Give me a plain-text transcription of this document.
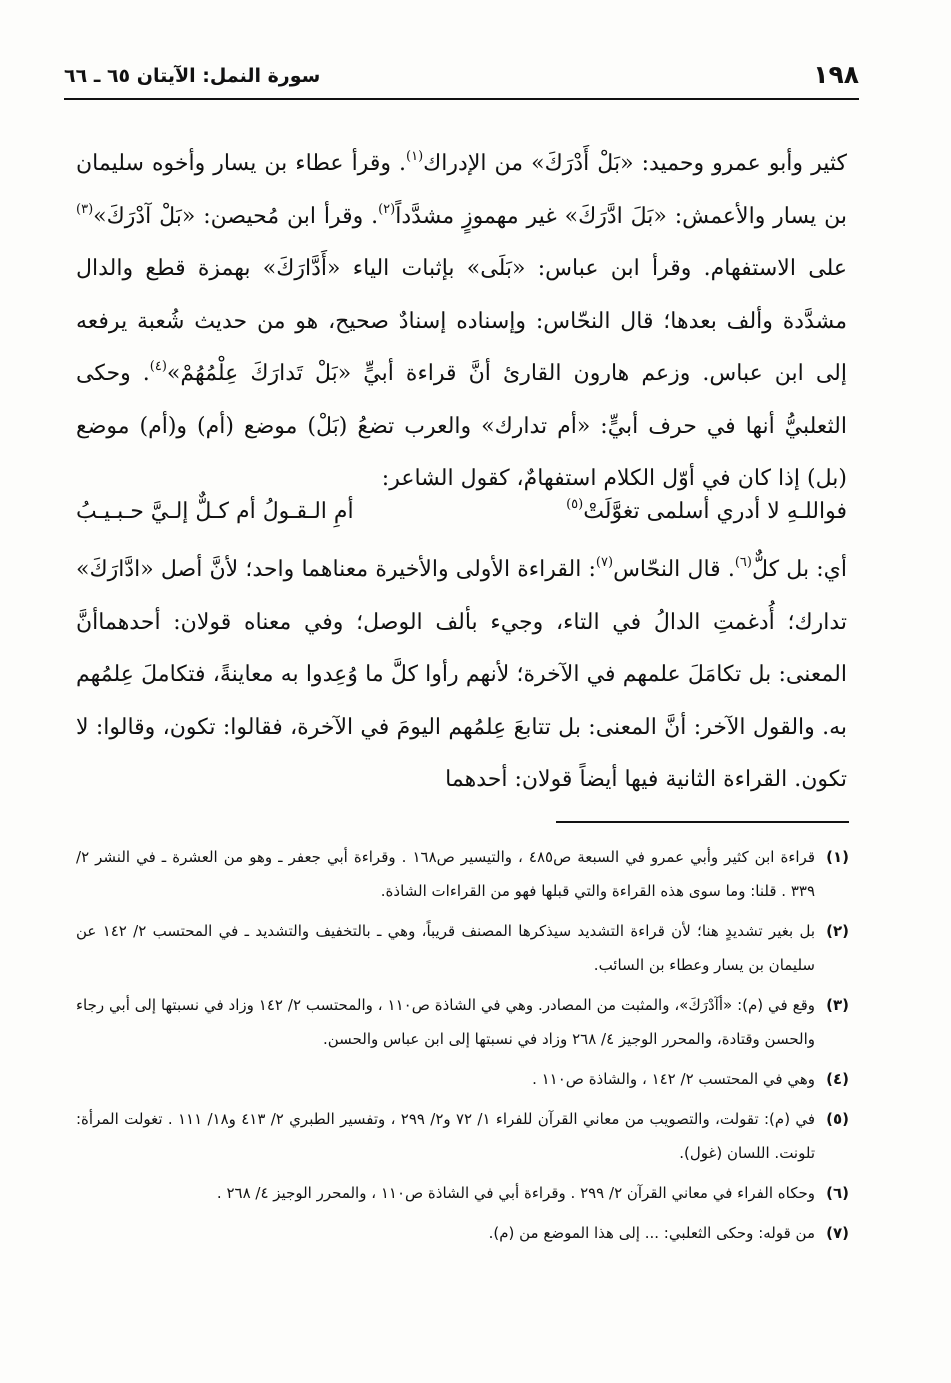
١٩٨
سورة النمل: الآيتان ٦٥ ـ ٦٦

كثير وأبو عمرو وحميد: «بَلْ أَدْرَكَ» من الإدراك$^{(١)}$. وقرأ عطاء بن يسار وأخوه سليمان بن يسار والأعمش: «بَلَ ادَّرَكَ» غير مهموزٍ مشدَّداً$^{(٢)}$. وقرأ ابن مُحيصن: «بَلْ آدْرَكَ»$^{(٣)}$ على الاستفهام. وقرأ ابن عباس: «بَلَى» بإثبات الياء «أَدَّارَكَ» بهمزة قطع والدال مشدَّدة وألف بعدها؛ قال النحّاس: وإسناده إسنادٌ صحيح، هو من حديث شُعبة يرفعه إلى ابن عباس. وزعم هارون القارئ أنَّ قراءة أبيٍّ «بَلْ تَدارَكَ عِلْمُهُمْ»$^{(٤)}$. وحكى الثعلبيُّ أنها في حرف أبيٍّ: «أم تدارك» والعرب تضعُ (بَلْ) موضع (أم) و(أم) موضع (بل) إذا كان في أوّل الكلام استفهامٌ، كقول الشاعر:

فواللـهِ لا أدري أسلمى تغوَّلَتْ$^{(٥)}$
أمِ الـقـولُ أم كـلٌّ إلـيَّ حـبـيـبُ

أي: بل كلٌّ$^{(٦)}$. قال النحّاس$^{(٧)}$: القراءة الأولى والأخيرة معناهما واحد؛ لأنَّ أصل «ادَّارَكَ» تدارك؛ أُدغمتِ الدالُ في التاء، وجيء بألف الوصل؛ وفي معناه قولان: أحدهماأنَّ المعنى: بل تكامَلَ علمهم في الآخرة؛ لأنهم رأوا كلَّ ما وُعِدوا به معاينةً، فتكاملَ عِلمُهم به. والقول الآخر: أنَّ المعنى: بل تتابعَ عِلمُهم اليومَ في الآخرة، فقالوا: تكون، وقالوا: لا تكون. القراءة الثانية فيها أيضاً قولان: أحدهما

(١)
قراءة ابن كثير وأبي عمرو في السبعة ص٤٨٥ ، والتيسير ص١٦٨ . وقراءة أبي جعفر ـ وهو من العشرة ـ في النشر ٢/ ٣٣٩ . قلنا: وما سوى هذه القراءة والتي قبلها فهو من القراءات الشاذة.

(٢)
بل بغير تشديدٍ هنا؛ لأن قراءة التشديد سيذكرها المصنف قريباً، وهي ـ بالتخفيف والتشديد ـ في المحتسب ٢/ ١٤٢ عن سليمان بن يسار وعطاء بن السائب.

(٣)
وقع في (م): «أآدْرَكَ»، والمثبت من المصادر. وهي في الشاذة ص١١٠ ، والمحتسب ٢/ ١٤٢ وزاد في نسبتها إلى أبي رجاء والحسن وقتادة، والمحرر الوجيز ٤/ ٢٦٨ وزاد في نسبتها إلى ابن عباس والحسن.

(٤)
وهي في المحتسب ٢/ ١٤٢ ، والشاذة ص١١٠ .

(٥)
في (م): تقولت، والتصويب من معاني القرآن للفراء ١/ ٧٢ و٢/ ٢٩٩ ، وتفسير الطبري ٢/ ٤١٣ و١٨/ ١١١ . تغولت المرأة: تلونت. اللسان (غول).

(٦)
وحكاه الفراء في معاني القرآن ٢/ ٢٩٩ . وقراءة أبي في الشاذة ص١١٠ ، والمحرر الوجيز ٤/ ٢٦٨ .

(٧)
من قوله: وحكى الثعلبي: ... إلى هذا الموضع من (م).
